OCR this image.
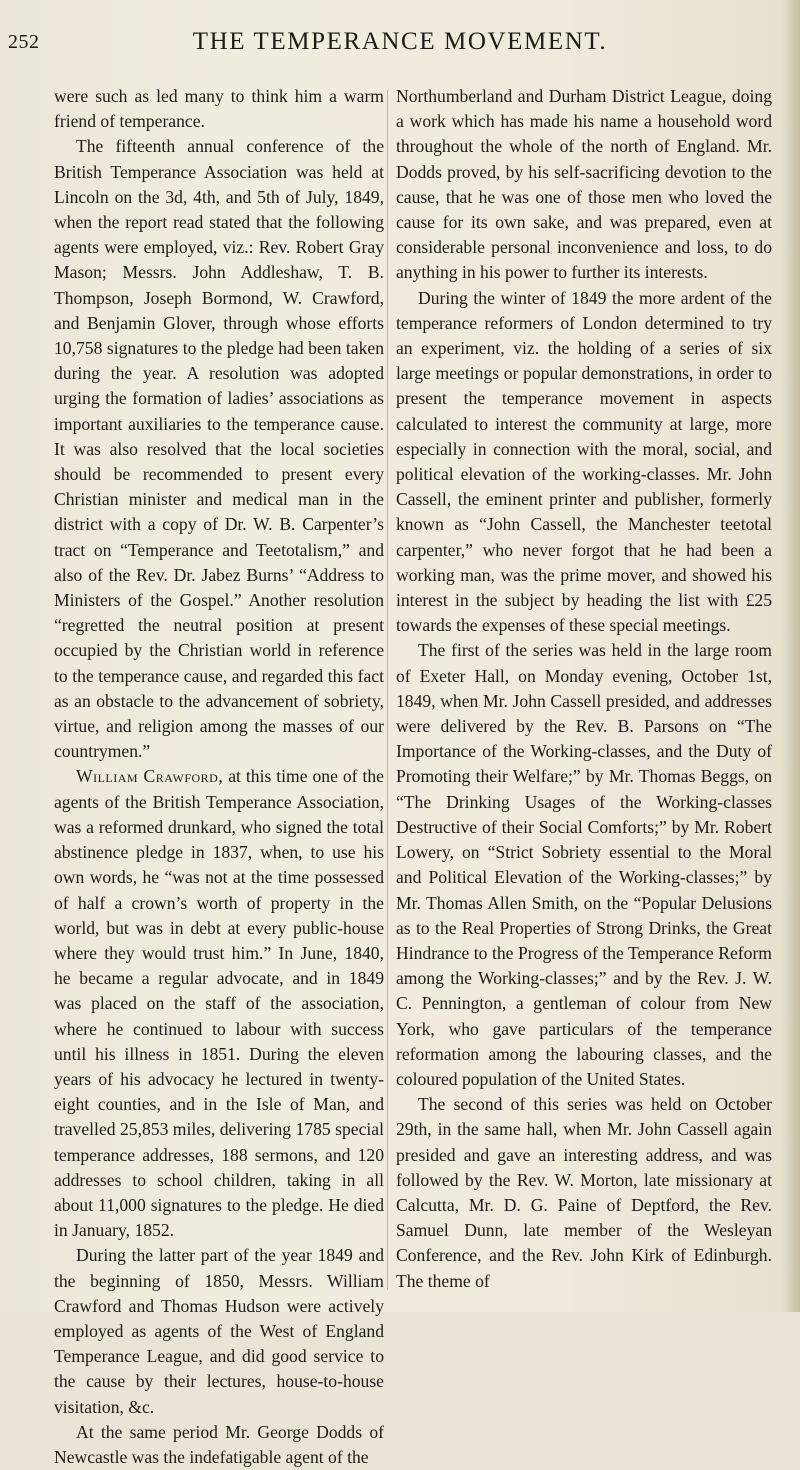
252	THE TEMPERANCE MOVEMENT.

were such as led many to think him a warm friend of temperance.

The fifteenth annual conference of the British Temperance Association was held at Lincoln on the 3d, 4th, and 5th of July, 1849, when the report read stated that the following agents were employed, viz.: Rev. Robert Gray Mason; Messrs. John Addleshaw, T. B. Thompson, Joseph Bormond, W. Crawford, and Benjamin Glover, through whose efforts 10,758 signatures to the pledge had been taken during the year. A resolution was adopted urging the formation of ladies’ associations as important auxiliaries to the temperance cause. It was also resolved that the local societies should be recommended to present every Christian minister and medical man in the district with a copy of Dr. W. B. Carpenter’s tract on “Temperance and Teetotalism,” and also of the Rev. Dr. Jabez Burns’ “Address to Ministers of the Gospel.” Another resolution “regretted the neutral position at present occupied by the Christian world in reference to the temperance cause, and regarded this fact as an obstacle to the advancement of sobriety, virtue, and religion among the masses of our countrymen.”

William Crawford, at this time one of the agents of the British Temperance Association, was a reformed drunkard, who signed the total abstinence pledge in 1837, when, to use his own words, he “was not at the time possessed of half a crown’s worth of property in the world, but was in debt at every public-house where they would trust him.” In June, 1840, he became a regular advocate, and in 1849 was placed on the staff of the association, where he continued to labour with success until his illness in 1851. During the eleven years of his advocacy he lectured in twenty-eight counties, and in the Isle of Man, and travelled 25,853 miles, delivering 1785 special temperance addresses, 188 sermons, and 120 addresses to school children, taking in all about 11,000 signatures to the pledge. He died in January, 1852.

During the latter part of the year 1849 and the beginning of 1850, Messrs. William Crawford and Thomas Hudson were actively employed as agents of the West of England Temperance League, and did good service to the cause by their lectures, house-to-house visitation, &c.

At the same period Mr. George Dodds of Newcastle was the indefatigable agent of the

Northumberland and Durham District League, doing a work which has made his name a household word throughout the whole of the north of England. Mr. Dodds proved, by his self-sacrificing devotion to the cause, that he was one of those men who loved the cause for its own sake, and was prepared, even at considerable personal inconvenience and loss, to do anything in his power to further its interests.

During the winter of 1849 the more ardent of the temperance reformers of London determined to try an experiment, viz. the holding of a series of six large meetings or popular demonstrations, in order to present the temperance movement in aspects calculated to interest the community at large, more especially in connection with the moral, social, and political elevation of the working-classes. Mr. John Cassell, the eminent printer and publisher, formerly known as “John Cassell, the Manchester teetotal carpenter,” who never forgot that he had been a working man, was the prime mover, and showed his interest in the subject by heading the list with £25 towards the expenses of these special meetings.

The first of the series was held in the large room of Exeter Hall, on Monday evening, October 1st, 1849, when Mr. John Cassell presided, and addresses were delivered by the Rev. B. Parsons on “The Importance of the Working-classes, and the Duty of Promoting their Welfare;” by Mr. Thomas Beggs, on “The Drinking Usages of the Working-classes Destructive of their Social Comforts;” by Mr. Robert Lowery, on “Strict Sobriety essential to the Moral and Political Elevation of the Working-classes;” by Mr. Thomas Allen Smith, on the “Popular Delusions as to the Real Properties of Strong Drinks, the Great Hindrance to the Progress of the Temperance Reform among the Working-classes;” and by the Rev. J. W. C. Pennington, a gentleman of colour from New York, who gave particulars of the temperance reformation among the labouring classes, and the coloured population of the United States.

The second of this series was held on October 29th, in the same hall, when Mr. John Cassell again presided and gave an interesting address, and was followed by the Rev. W. Morton, late missionary at Calcutta, Mr. D. G. Paine of Deptford, the Rev. Samuel Dunn, late member of the Wesleyan Conference, and the Rev. John Kirk of Edinburgh. The theme of
